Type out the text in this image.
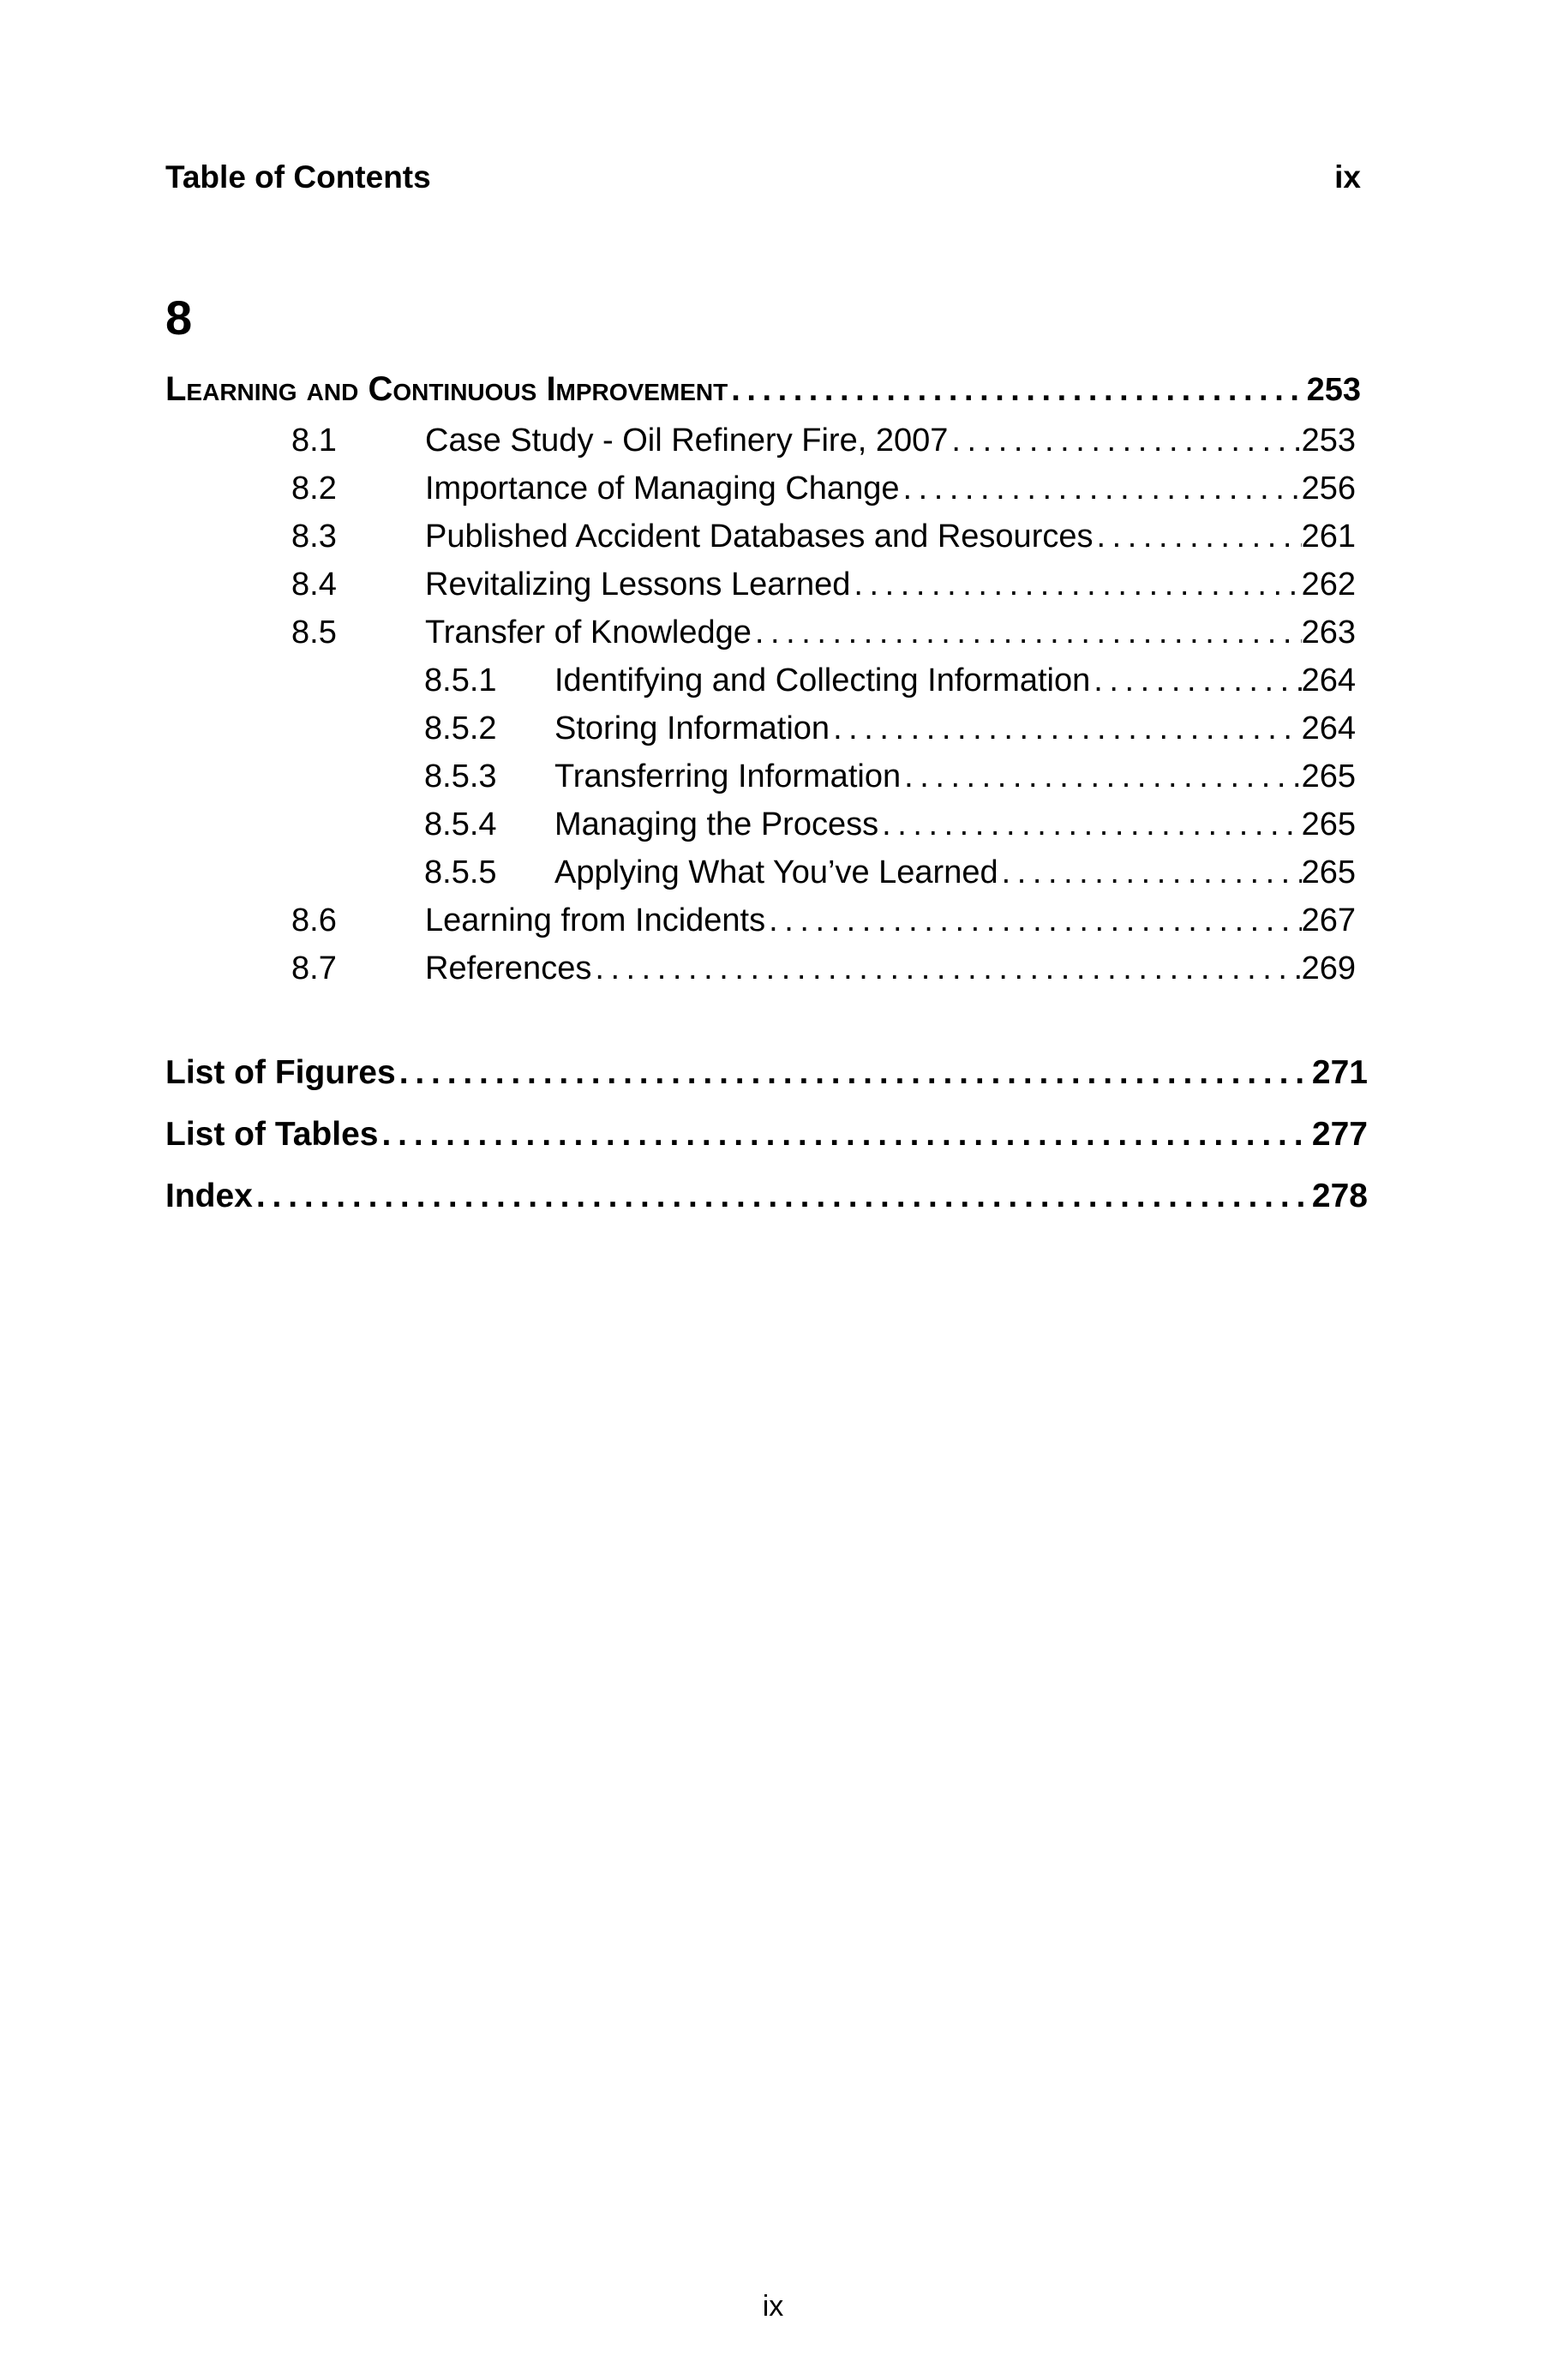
Table of Contents	ix
8
Learning and Continuous Improvement . . .	253
8.1	Case Study - Oil Refinery Fire, 2007 . . .	253
8.2	Importance of Managing Change . . .	256
8.3	Published Accident Databases and Resources . . .	261
8.4	Revitalizing Lessons Learned . . .	262
8.5	Transfer of Knowledge . . .	263
8.5.1	Identifying and Collecting Information . . .	264
8.5.2	Storing Information . . .	264
8.5.3	Transferring Information . . .	265
8.5.4	Managing the Process . . .	265
8.5.5	Applying What You’ve Learned . . .	265
8.6	Learning from Incidents . . .	267
8.7	References . . .	269
List of Figures . . .	271
List of Tables . . .	277
Index . . .	278
ix
